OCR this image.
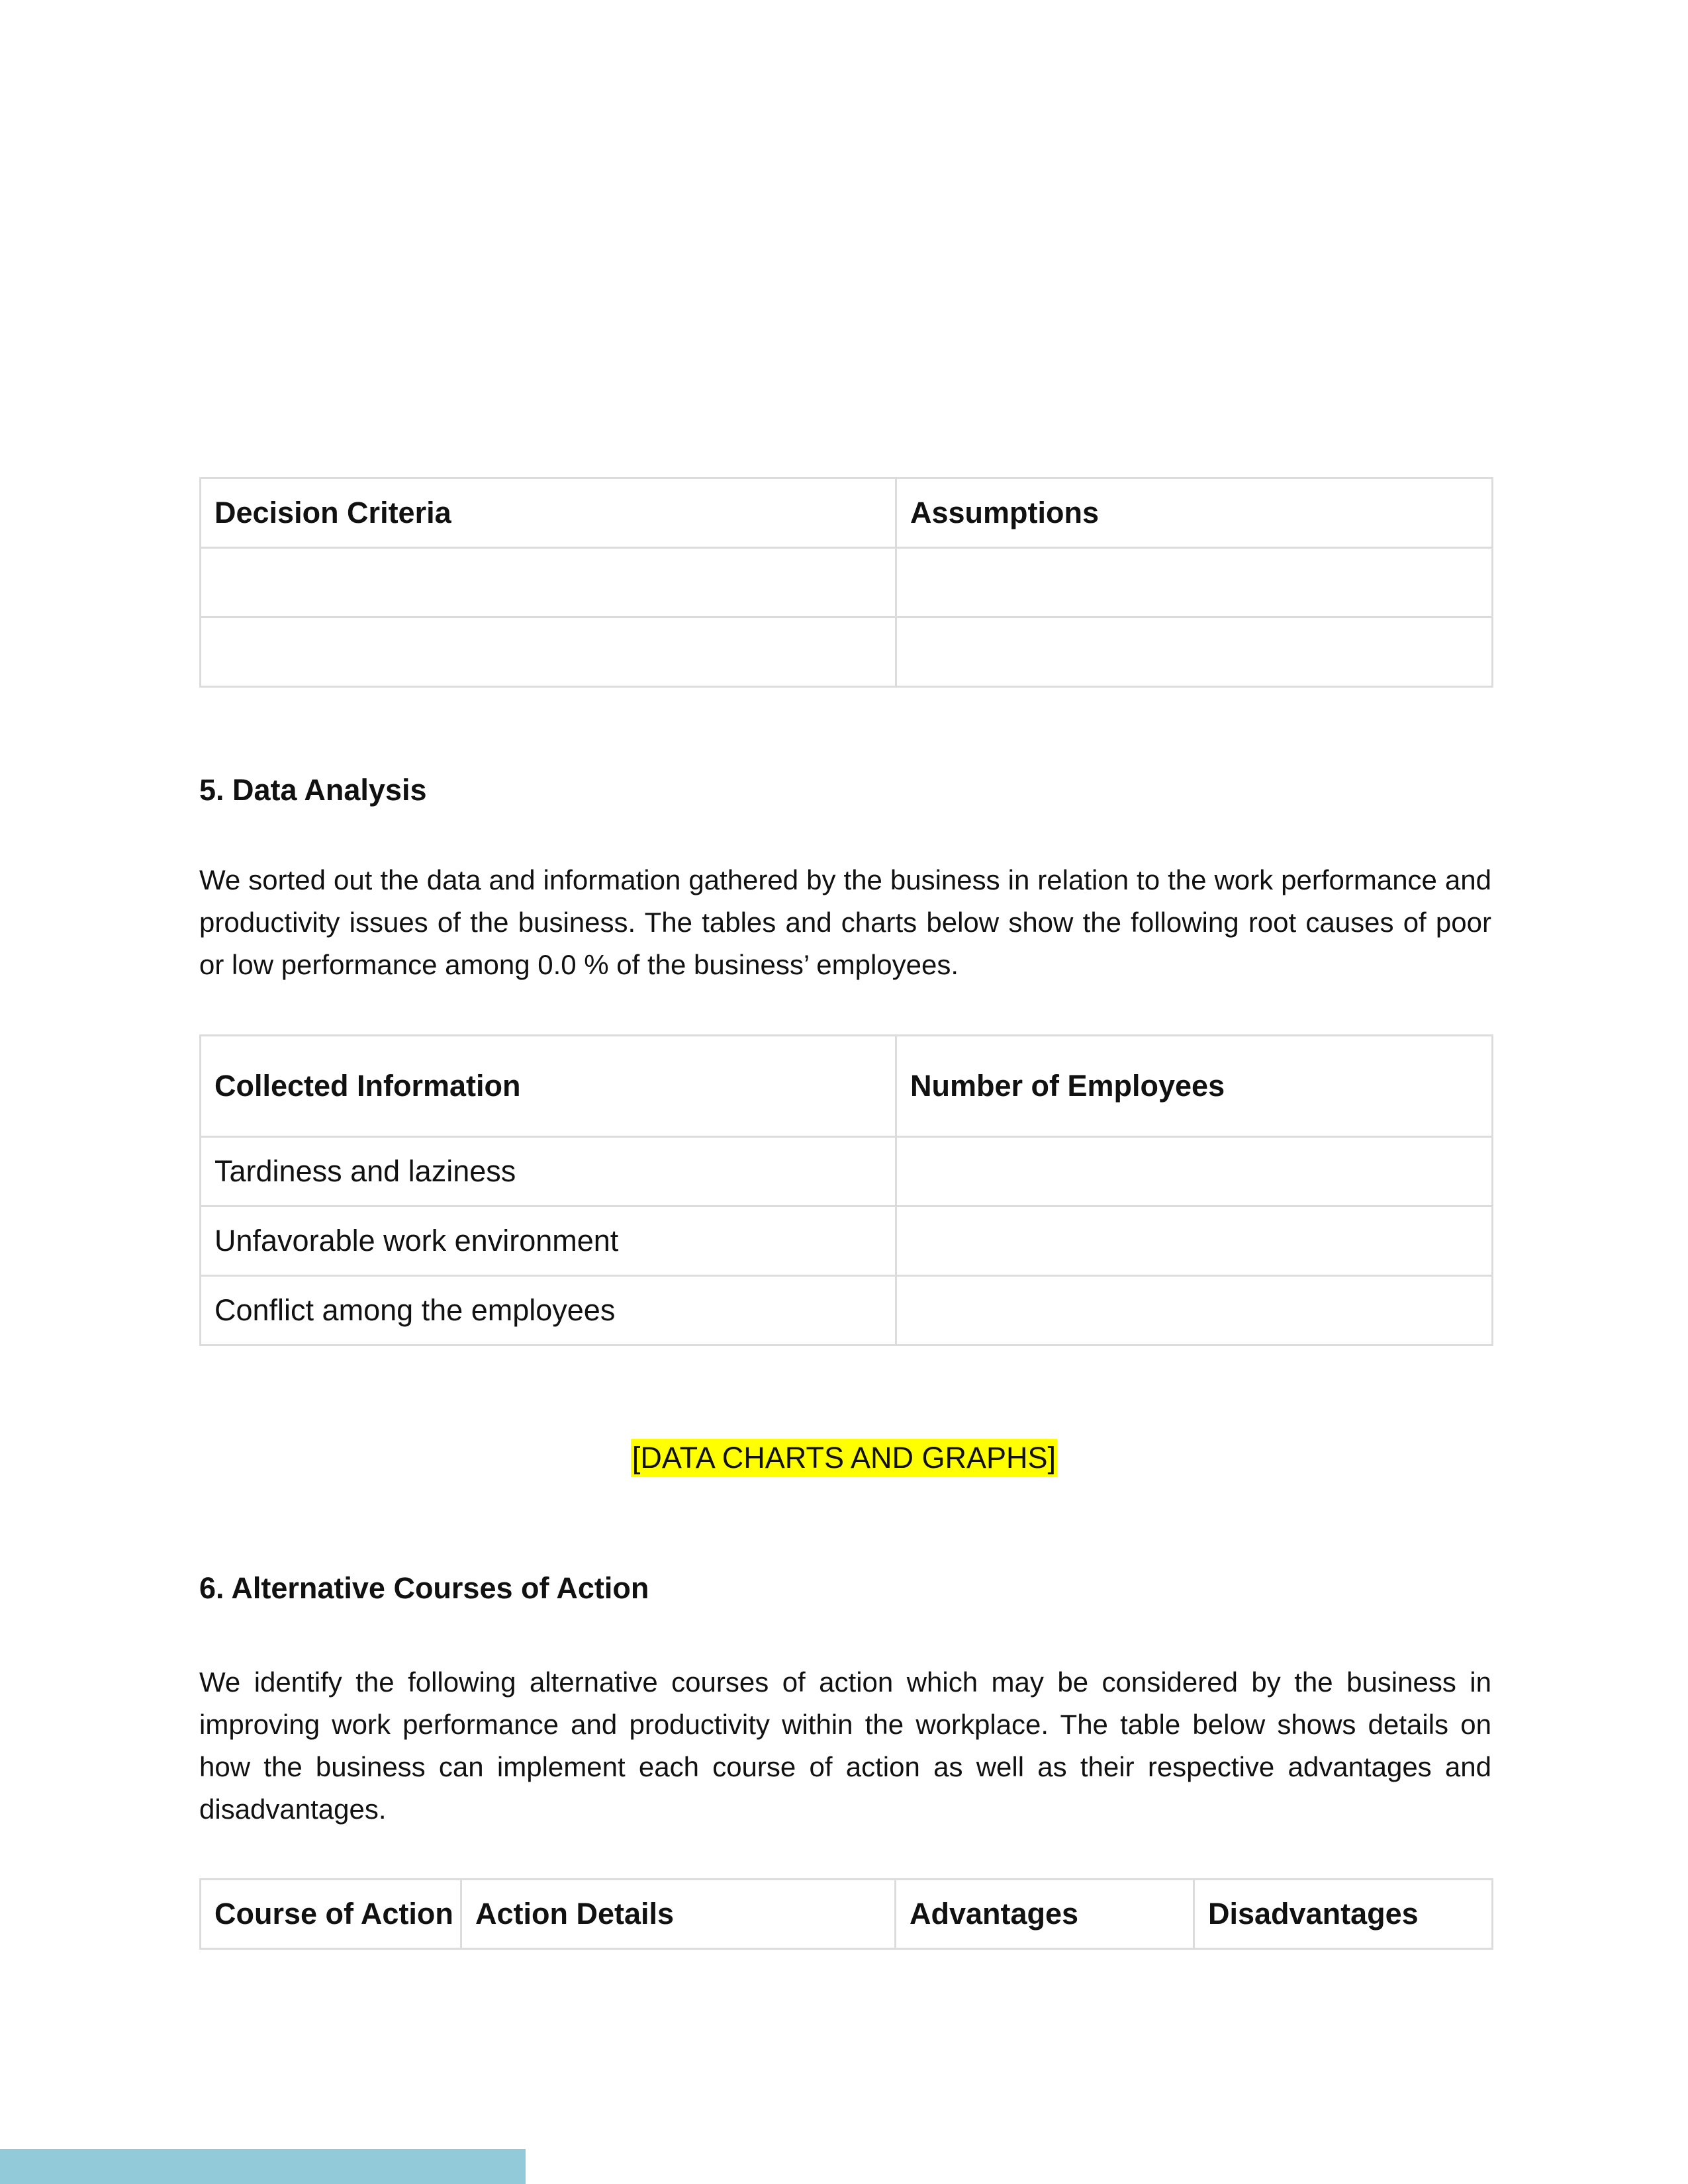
Decision Criteria	Assumptions

5. Data Analysis

We sorted out the data and information gathered by the business in relation to the work performance and productivity issues of the business. The tables and charts below show the following root causes of poor or low performance among 0.0 % of the business’ employees.

Collected Information	Number of Employees
Tardiness and laziness	
Unfavorable work environment	
Conflict among the employees	
[DATA CHARTS AND GRAPHS]
6. Alternative Courses of Action

We identify the following alternative courses of action which may be considered by the business in improving work performance and productivity within the workplace. The table below shows details on how the business can implement each course of action as well as their respective advantages and disadvantages.

Course of Action	Action Details	Advantages	Disadvantages
